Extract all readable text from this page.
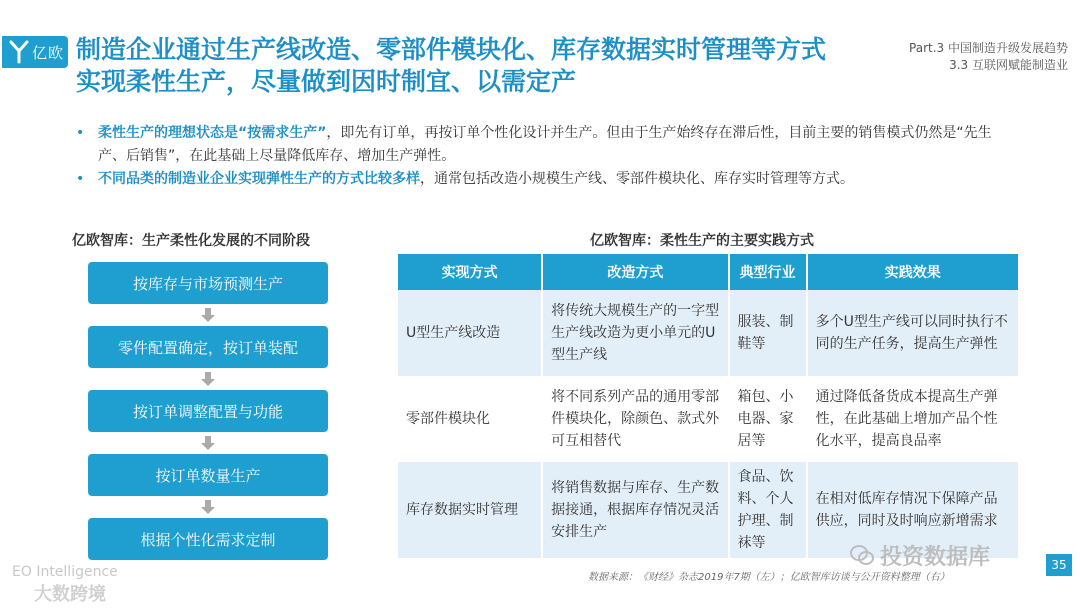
亿欧 制造企业通过生产线改造、零部件模块化、库存数据实时管理等方式实现柔性生产，尽量做到因时制宜、以需定产
Part.3 中国制造升级发展趋势
3.3 互联网赋能制造业
• 柔性生产的理想状态是“按需求生产”，即先有订单，再按订单个性化设计并生产。但由于生产始终存在滞后性，目前主要的销售模式仍然是“先生产、后销售”，在此基础上尽量降低库存、增加生产弹性。
• 不同品类的制造业企业实现弹性生产的方式比较多样，通常包括改造小规模生产线、零部件模块化、库存实时管理等方式。
亿欧智库：生产柔性化发展的不同阶段	亿欧智库：柔性生产的主要实践方式
按库存与市场预测生产
零件配置确定，按订单装配
按订单调整配置与功能
按订单数量生产
根据个性化需求定制
实现方式	改造方式	典型行业	实践效果
U型生产线改造	将传统大规模生产的一字型生产线改造为更小单元的U型生产线	服装、制鞋等	多个U型生产线可以同时执行不同的生产任务，提高生产弹性
零部件模块化	将不同系列产品的通用零部件模块化，除颜色、款式外可互相替代	箱包、小电器、家居等	通过降低备货成本提高生产弹性，在此基础上增加产品个性化水平，提高良品率
库存数据实时管理	将销售数据与库存、生产数据接通，根据库存情况灵活安排生产	食品、饮料、个人护理、制袜等	在相对低库存情况下保障产品供应，同时及时响应新增需求
数据来源：《财经》杂志2019年7期（左）；亿欧智库访谈与公开资料整理（右）
EO Intelligence
大数跨境
投资数据库	35
